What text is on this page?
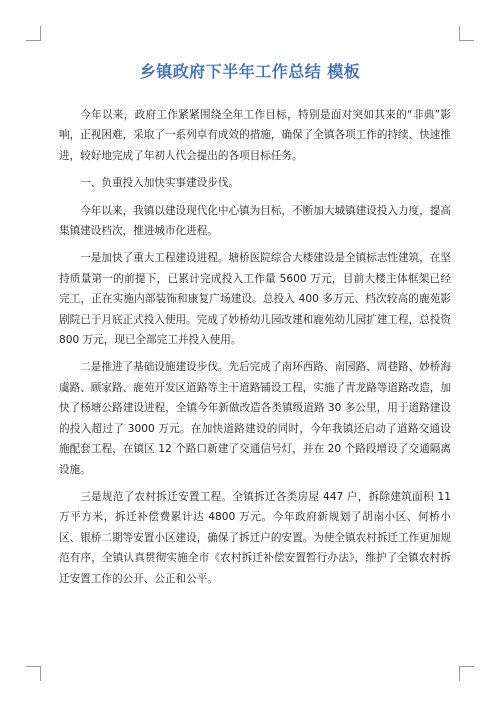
乡镇政府下半年工作总结 模板

今年以来，政府工作紧紧围绕全年工作目标，特别是面对突如其来的“非典”影响，正视困难，采取了一系列卓有成效的措施，确保了全镇各项工作的持续、快速推进，较好地完成了年初人代会提出的各项目标任务。

一、负重投入加快实事建设步伐。

今年以来，我镇以建设现代化中心镇为目标，不断加大城镇建设投入力度，提高集镇建设档次，推进城市化进程。

一是加快了重大工程建设进程。塘桥医院综合大楼建设是全镇标志性建筑，在坚持质量第一的前提下，已累计完成投入工作量 5600 万元，目前大楼主体框架已经完工，正在实施内部装饰和康复广场建设。总投入 400 多万元、档次较高的鹿苑影剧院已于月底正式投入使用。完成了妙桥幼儿园改建和鹿苑幼儿园扩建工程，总投资 800 万元，现已全部完工并投入使用。

二是推进了基础设施建设步伐。先后完成了南环西路、南园路、周巷路、妙桥海虞路、顾家路、鹿苑开发区道路等主干道路铺设工程，实施了青龙路等道路改造，加快了杨塘公路建设进程，全镇今年新做改造各类镇级道路 30 多公里，用于道路建设的投入超过了 3000 万元。在加快道路建设的同时，今年我镇还启动了道路交通设施配套工程，在镇区 12 个路口新建了交通信号灯，并在 20 个路段增设了交通隔离设施。

三是规范了农村拆迁安置工程。全镇拆迁各类房屋 447 户，拆除建筑面积 11 万平方米，拆迁补偿费累计达 4800 万元。今年政府新规划了胡南小区、何桥小区、银桥二期等安置小区建设，确保了拆迁户的安置。为使全镇农村拆迁工作更加规范有序，全镇认真贯彻实施全市《农村拆迁补偿安置暂行办法》，维护了全镇农村拆迁安置工作的公开、公正和公平。
